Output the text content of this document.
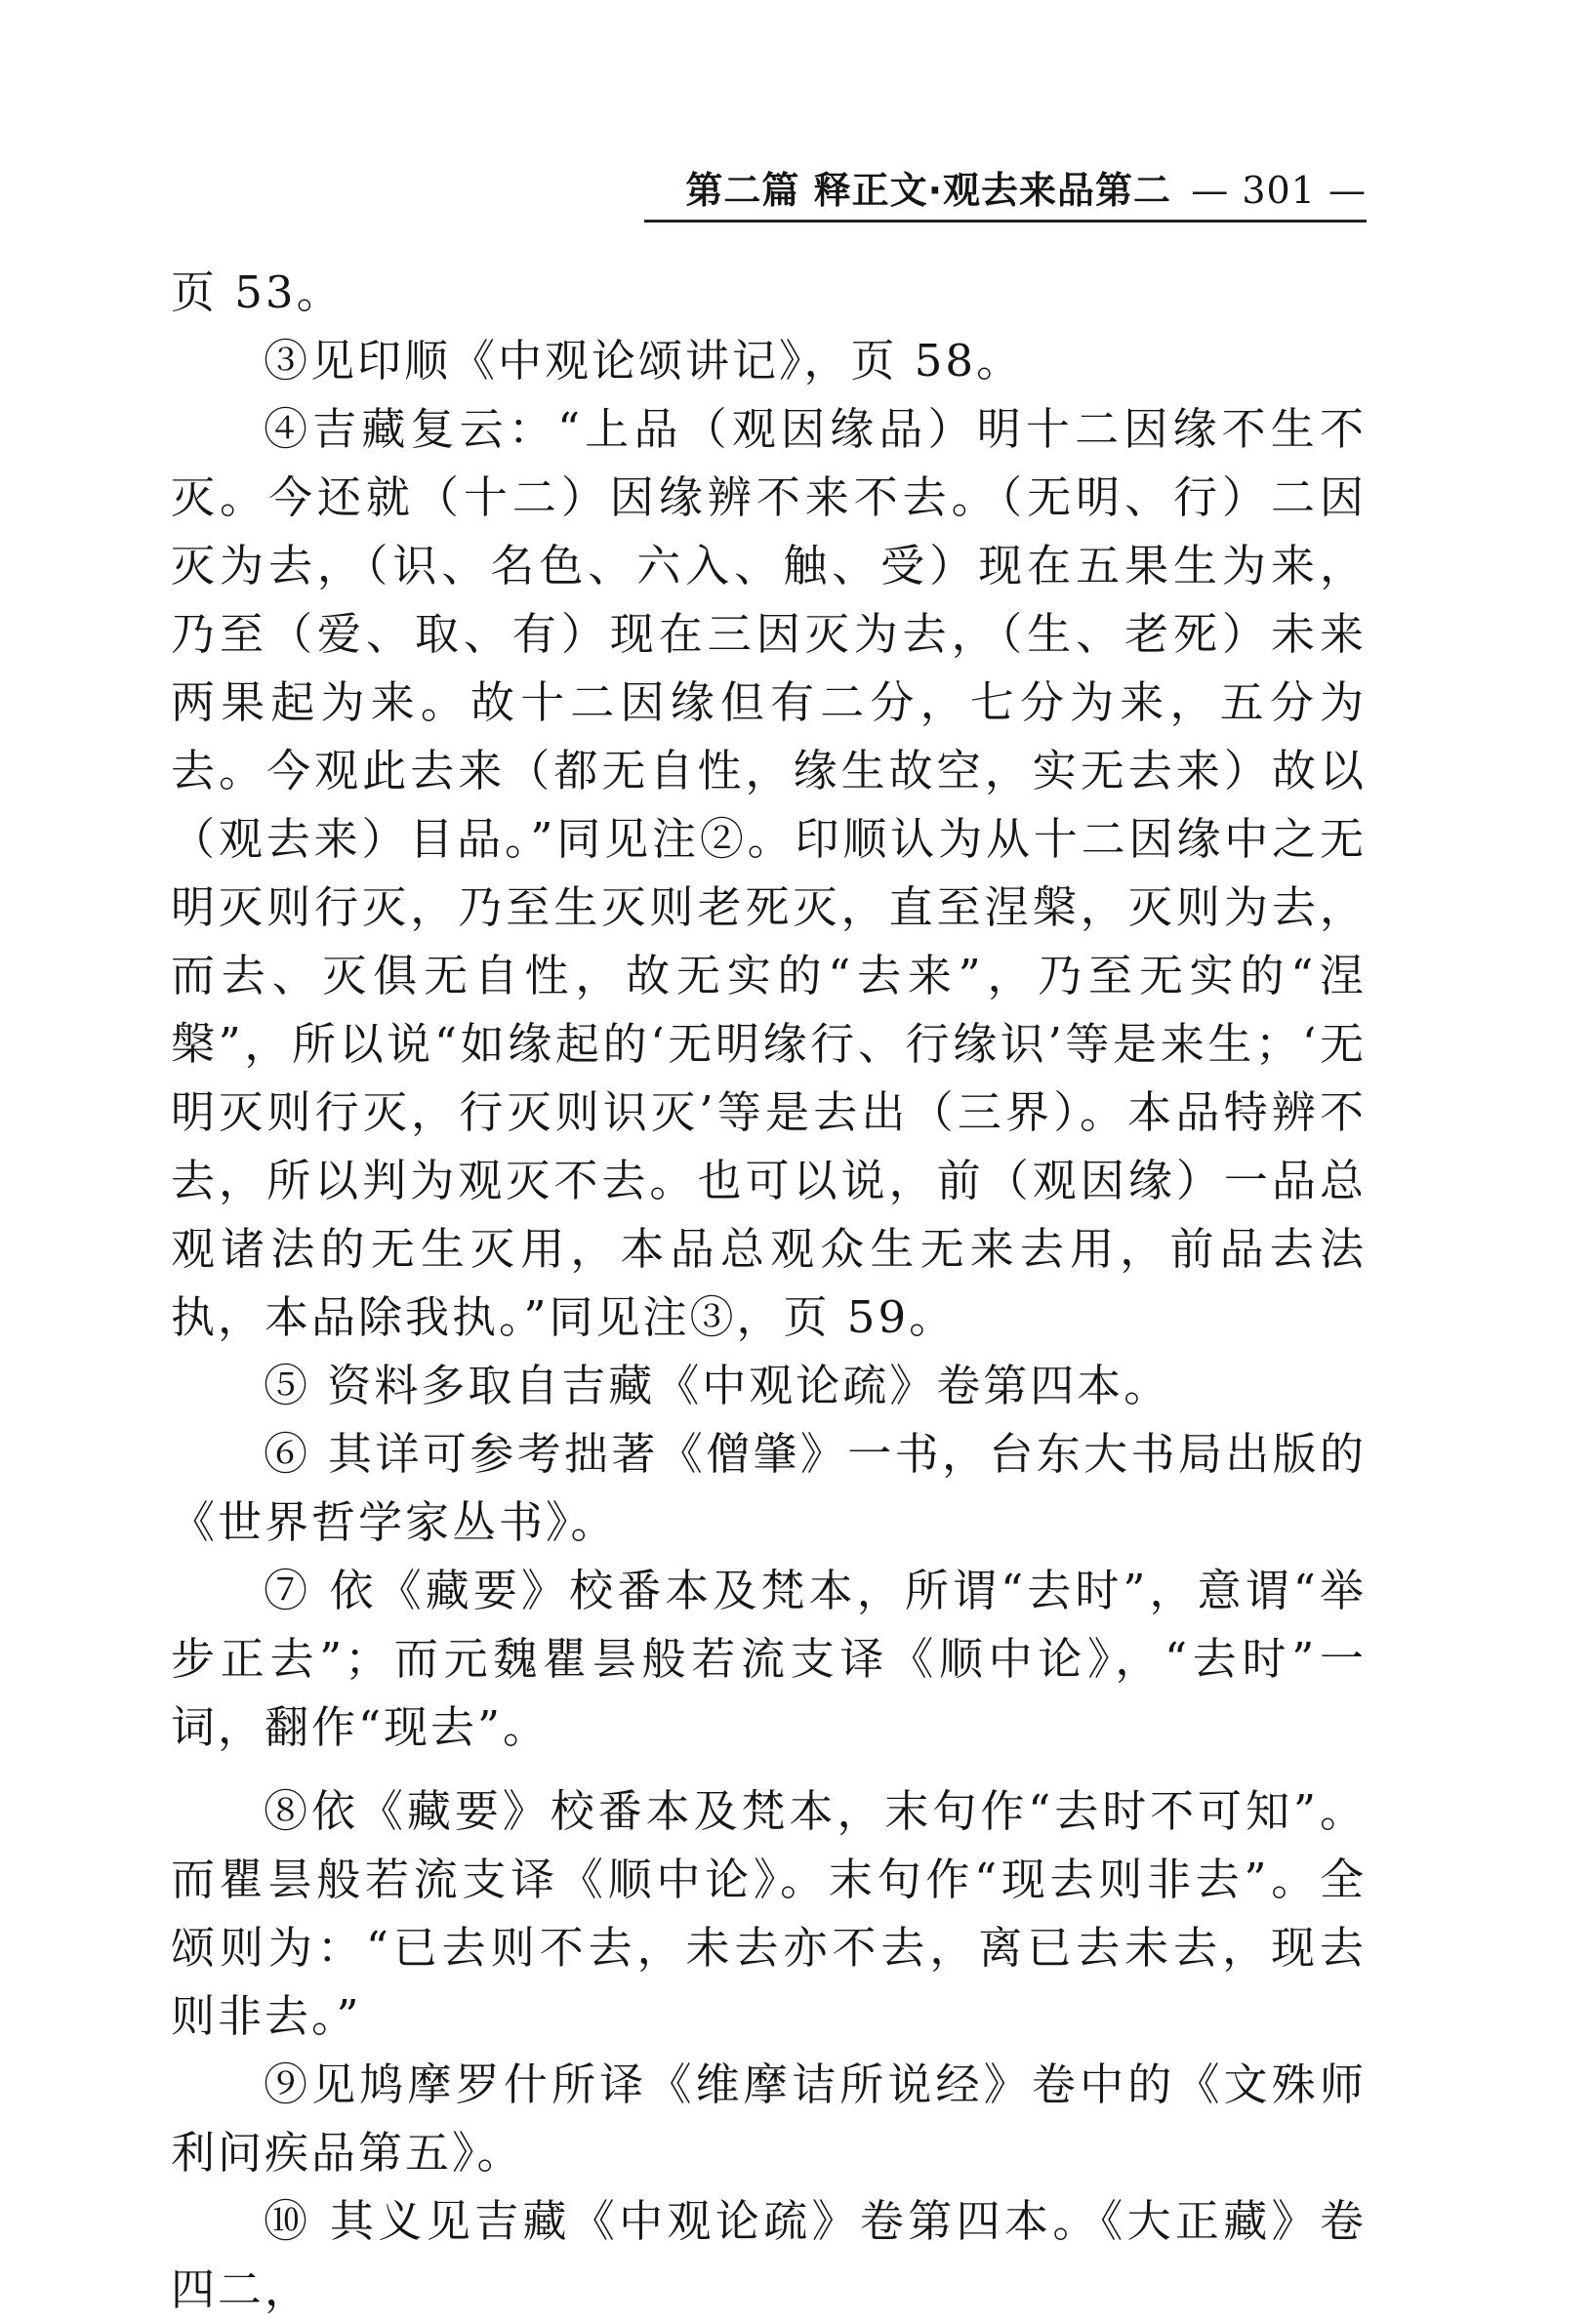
第二篇 释正文·观去来品第二 — 301 —

页 53。

③见印顺《中观论颂讲记》，页 58。

④吉藏复云：“上品（观因缘品）明十二因缘不生不灭。今还就（十二）因缘辨不来不去。（无明、行）二因灭为去，（识、名色、六入、触、受）现在五果生为来，乃至（爱、取、有）现在三因灭为去，（生、老死）未来两果起为来。故十二因缘但有二分，七分为来，五分为去。今观此去来（都无自性，缘生故空，实无去来）故以（观去来）目品。”同见注②。印顺认为从十二因缘中之无明灭则行灭，乃至生灭则老死灭，直至涅槃，灭则为去，而去、灭俱无自性，故无实的“去来”，乃至无实的“涅槃”，所以说“如缘起的‘无明缘行、行缘识’等是来生；‘无明灭则行灭，行灭则识灭’等是去出（三界）。本品特辨不去，所以判为观灭不去。也可以说，前（观因缘）一品总观诸法的无生灭用，本品总观众生无来去用，前品去法执，本品除我执。”同见注③，页 59。

⑤ 资料多取自吉藏《中观论疏》卷第四本。

⑥ 其详可参考拙著《僧肇》一书，台东大书局出版的《世界哲学家丛书》。

⑦ 依《藏要》校番本及梵本，所谓“去时”，意谓“举步正去”；而元魏瞿昙般若流支译《顺中论》，“去时”一词，翻作“现去”。

⑧依《藏要》校番本及梵本，末句作“去时不可知”。而瞿昙般若流支译《顺中论》。末句作“现去则非去”。全颂则为：“已去则不去，未去亦不去，离已去未去，现去则非去。”

⑨见鸠摩罗什所译《维摩诘所说经》卷中的《文殊师利问疾品第五》。

⑩ 其义见吉藏《中观论疏》卷第四本。《大正藏》卷四二，
